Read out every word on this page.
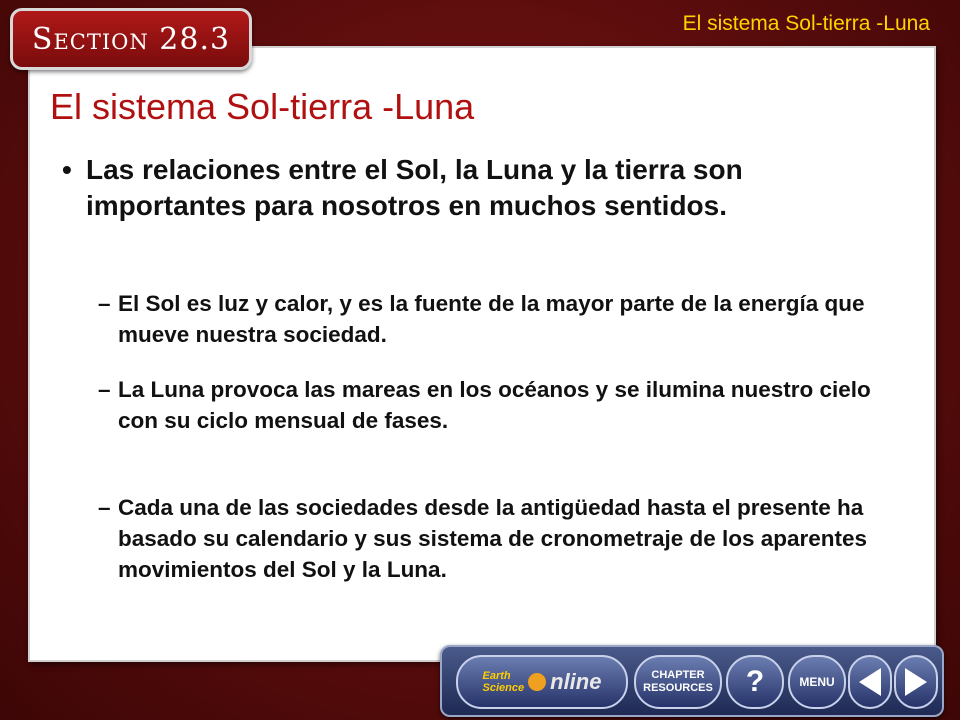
El sistema Sol-tierra -Luna
Section 28.3
El sistema Sol-tierra -Luna
• Las relaciones entre el Sol, la Luna y la tierra son importantes para nosotros en muchos sentidos.
– El Sol es luz y calor, y es la fuente de la mayor parte de la energía que mueve nuestra sociedad.
– La Luna provoca las mareas en los océanos y se ilumina nuestro cielo con su ciclo mensual de fases.
– Cada una de las sociedades desde la antigüedad hasta el presente ha basado su calendario y sus sistema de cronometraje de los aparentes movimientos del Sol y la Luna.
Earth
Science nline	CHAPTER
RESOURCES ?	MENU
